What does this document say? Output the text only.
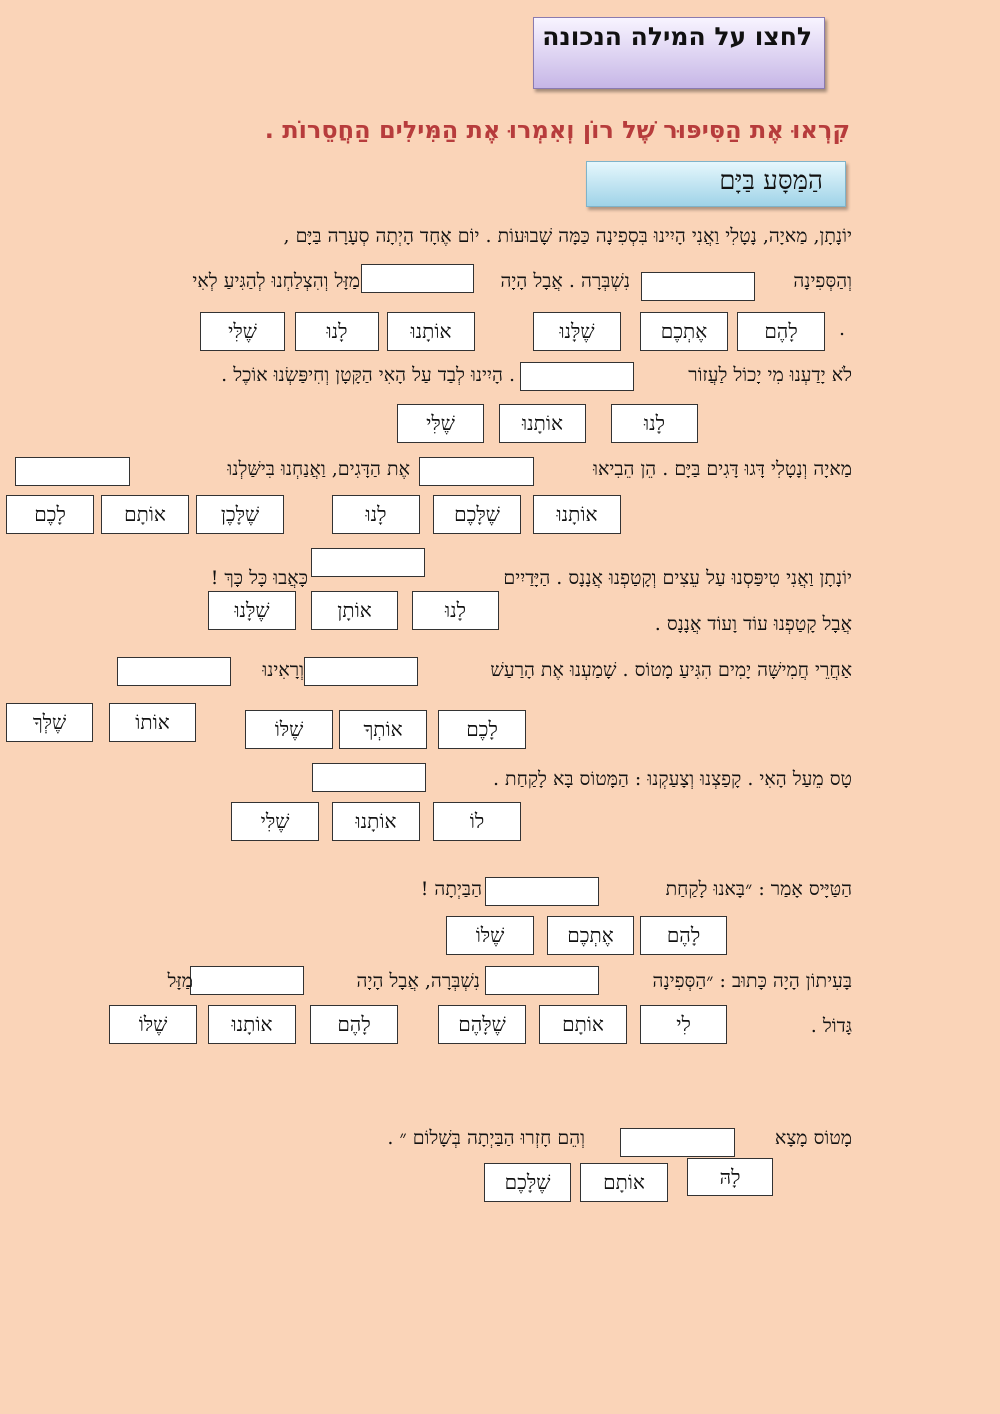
לחצו על המילה הנכונה
קִרְאוּ אֶת הַסִּיפּוּר שֶׁל רוֹן וְאִמְרוּ אֶת הַמִּילִים הַחֲסֵרוֹת .
הַמַּסָּע בַּיָּם
יוֹנָתָן, מַאיָה, נָטָלִי וַאֲנִי הָיִינוּ בִּסְפִינָה כַּמָּה שָׁבוּעוֹת . יוֹם אֶחָד הָיְתָה סְעָרָה בַּיָּם ,
וְהַסְּפִינָה
נִשְׁבְּרָה . אֲבָל הָיָה
מַזָּל וְהִצְלַחְנוּ לְהַגִּיעַ לְאִי
.
לָהֶם
אֶתְכֶם
שֶׁלָּנוּ
אוֹתָנוּ
לָנוּ
שֶׁלִּי
לֹא יָדַעְנוּ מִי יָכוֹל לַעֲזוֹר
. הָיִינוּ לְבַד עַל הָאִי הַקָּטָן וְחִיפַּשְׂנוּ אוֹכֶל .
לָנוּ
אוֹתָנוּ
שֶׁלִּי
מַאיָה וְנָטָלִי דָּגוּ דָּגִים בַּיָּם . הֵן הֵבִיאוּ
אֶת הַדָּגִים, וַאֲנַחְנוּ בִּישַּׁלְנוּ
אוֹתָנוּ
שֶׁלָּכֶם
לָנוּ
שֶׁלָּכֶן
אוֹתָם
לָכֶם
יוֹנָתָן וַאֲנִי טִיפַּסְנוּ עַל עֵצִים וְקָטַפְנוּ אֲנָנָס . הַיָּדַיִים
כָּאֲבוּ כָּל כָּךְ !
לָנוּ
אוֹתָן
שֶׁלָּנוּ
אֲבָל קָטַפְנוּ עוֹד וָעוֹד אֲנָנָס .
אַחֲרֵי חֲמִישָּׁה יָמִים הִגִּיעַ מָטוֹס . שָׁמַעְנוּ אֶת הָרַעַשׁ
וְרָאִינוּ
לָכֶם
אוֹתְךָ
שֶׁלּוֹ
אוֹתוֹ
שֶׁלְּךָ
טָס מֵעַל הָאִי . קָפַצְנוּ וְצָעַקְנוּ : הַמָּטוֹס בָּא לָקַחַת .
לוֹ
אוֹתָנוּ
שֶׁלִּי
הַטַּיָּיס אָמַר : ״בָּאנוּ לָקַחַת
הַבַּיְתָה !
לָהֶם
אֶתְכֶם
שֶׁלּוֹ
בָּעִיתוֹן הָיָה כָּתוּב : ״הַסְּפִינָה
נִשְׁבְּרָה, אֲבָל הָיָה
מַזָּל
גָּדוֹל .
לִי
אוֹתָם
שֶׁלָּהֶם
לָהֶם
אוֹתָנוּ
שֶׁלּוֹ
מָטוֹס מָצָא
וְהֵם חָזְרוּ הַבַּיְתָה בְּשָׁלוֹם ״ .
לָהּ
אוֹתָם
שֶׁלָּכֶם
